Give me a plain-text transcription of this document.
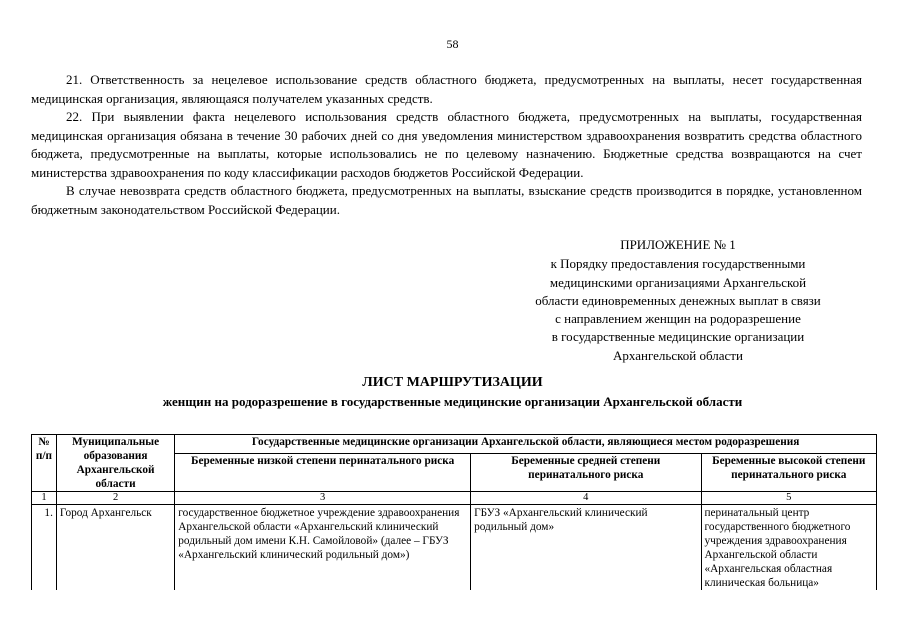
58

21. Ответственность за нецелевое использование средств областного бюджета, предусмотренных на выплаты, несет государственная медицинская организация, являющаяся получателем указанных средств.

22. При выявлении факта нецелевого использования средств областного бюджета, предусмотренных на выплаты, государственная медицинская организация обязана в течение 30 рабочих дней со дня уведомления министерством здравоохранения возвратить средства областного бюджета, предусмотренные на выплаты, которые использовались не по целевому назначению. Бюджетные средства возвращаются на счет министерства здравоохранения по коду классификации расходов бюджетов Российской Федерации.

В случае невозврата средств областного бюджета, предусмотренных на выплаты, взыскание средств производится в порядке, установленном бюджетным законодательством Российской Федерации.

ПРИЛОЖЕНИЕ № 1
к Порядку предоставления государственными
медицинскими организациями Архангельской
области единовременных денежных выплат в связи
с направлением женщин на родоразрешение
в государственные медицинские организации
Архангельской области
ЛИСТ МАРШРУТИЗАЦИИ
женщин на родоразрешение в государственные медицинские организации Архангельской области
№
п/п	Муниципальные образования Архангельской области	Государственные медицинские организации Архангельской области, являющиеся местом родоразрешения		
		Беременные низкой степени перинатального риска	Беременные средней степени перинатального риска	Беременные высокой степени перинатального риска
1	2	3	4	5
1.	Город Архангельск	государственное бюджетное учреждение здравоохранения Архангельской области «Архангельский клинический родильный дом имени К.Н. Самойловой» (далее – ГБУЗ «Архангельский клинический родильный дом»)	ГБУЗ «Архангельский клинический родильный дом»	перинатальный центр государственного бюджетного учреждения здравоохранения Архангельской области «Архангельская областная клиническая больница»
